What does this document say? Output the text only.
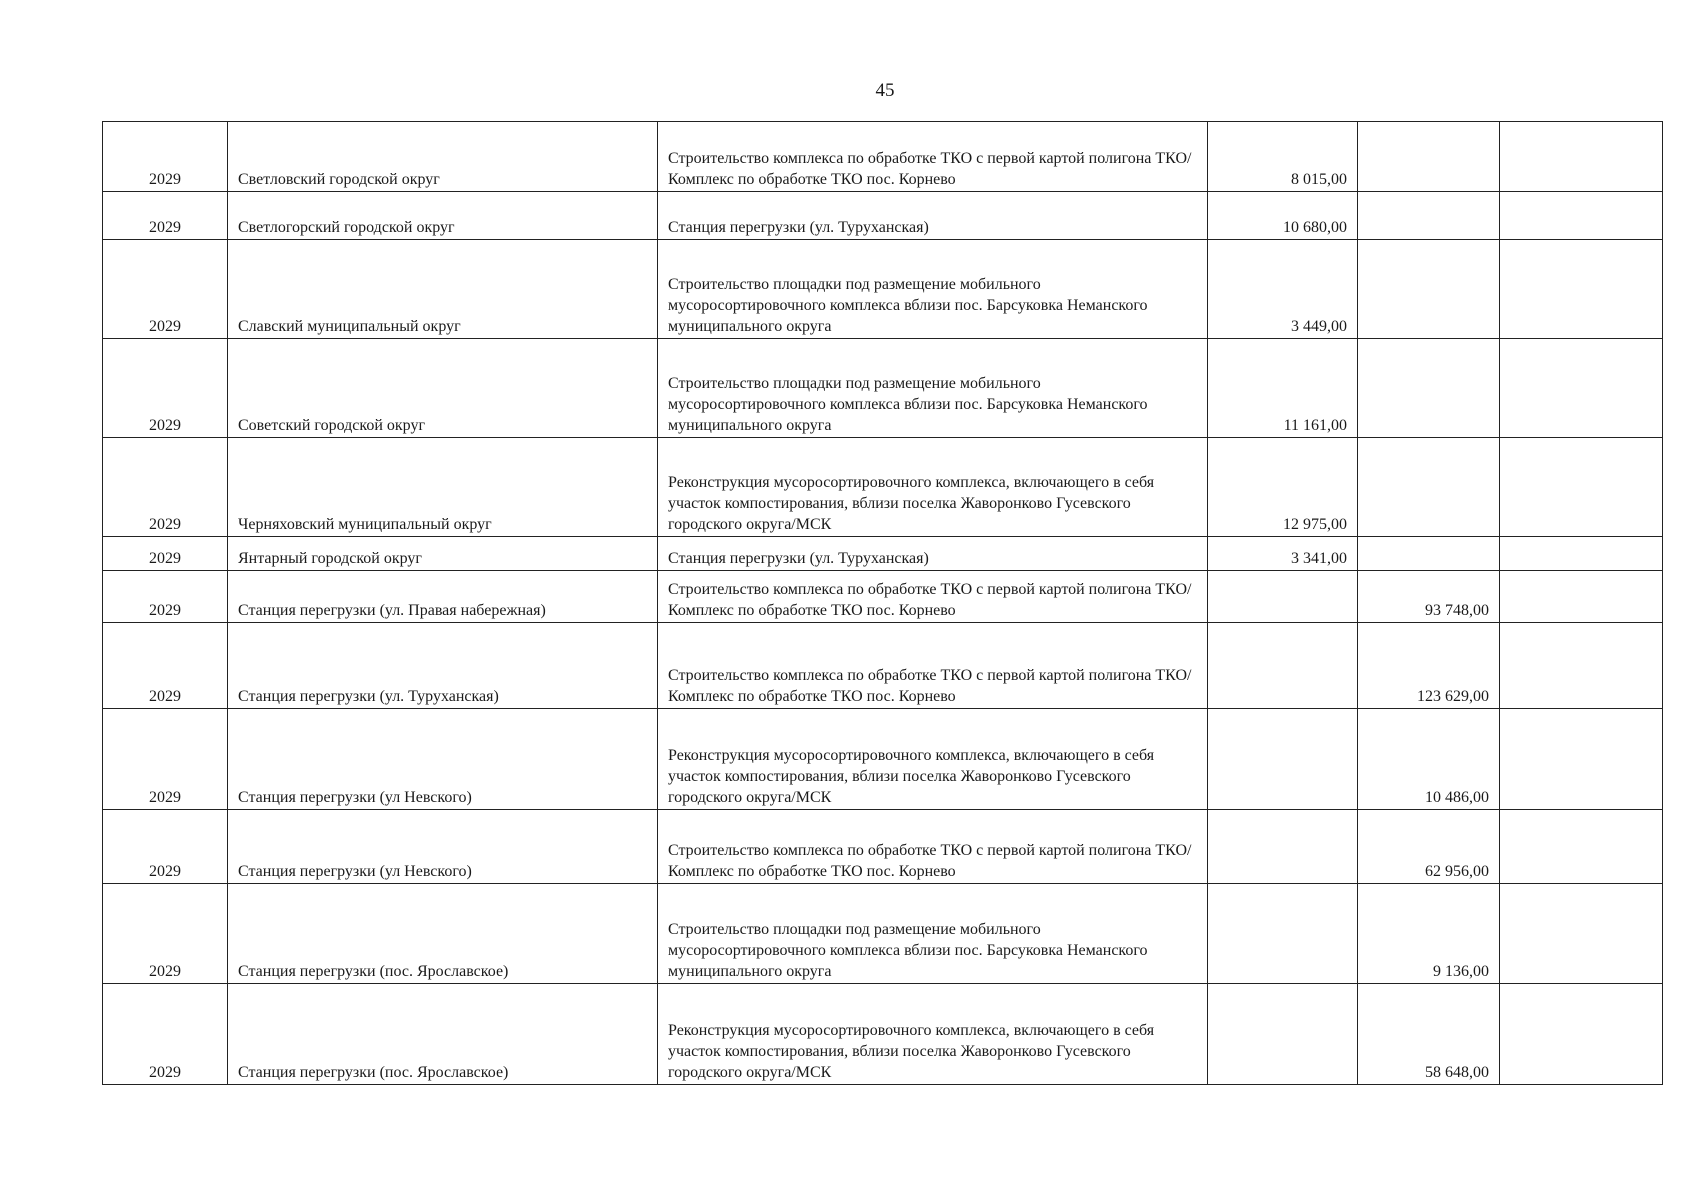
45
2029	Светловский городской округ	Строительство комплекса по обработке ТКО с первой картой полигона ТКО/Комплекс по обработке ТКО пос. Корнево	8 015,00		
2029	Светлогорский городской округ	Станция перегрузки (ул. Туруханская)	10 680,00		
2029	Славский муниципальный округ	Строительство площадки под размещение мобильного мусоросортировочного комплекса вблизи пос. Барсуковка Неманского муниципального округа	3 449,00		
2029	Советский городской округ	Строительство площадки под размещение мобильного мусоросортировочного комплекса вблизи пос. Барсуковка Неманского муниципального округа	11 161,00		
2029	Черняховский муниципальный округ	Реконструкция мусоросортировочного комплекса, включающего в себя участок компостирования, вблизи поселка Жаворонково Гусевского городского округа/МСК	12 975,00		
2029	Янтарный городской округ	Станция перегрузки (ул. Туруханская)	3 341,00		
2029	Станция перегрузки (ул. Правая набережная)	Строительство комплекса по обработке ТКО с первой картой полигона ТКО/Комплекс по обработке ТКО пос. Корнево		93 748,00	
2029	Станция перегрузки (ул. Туруханская)	Строительство комплекса по обработке ТКО с первой картой полигона ТКО/Комплекс по обработке ТКО пос. Корнево		123 629,00	
2029	Станция перегрузки (ул Невского)	Реконструкция мусоросортировочного комплекса, включающего в себя участок компостирования, вблизи поселка Жаворонково Гусевского городского округа/МСК		10 486,00	
2029	Станция перегрузки (ул Невского)	Строительство комплекса по обработке ТКО с первой картой полигона ТКО/Комплекс по обработке ТКО пос. Корнево		62 956,00	
2029	Станция перегрузки (пос. Ярославское)	Строительство площадки под размещение мобильного мусоросортировочного комплекса вблизи пос. Барсуковка Неманского муниципального округа		9 136,00	
2029	Станция перегрузки (пос. Ярославское)	Реконструкция мусоросортировочного комплекса, включающего в себя участок компостирования, вблизи поселка Жаворонково Гусевского городского округа/МСК		58 648,00	
